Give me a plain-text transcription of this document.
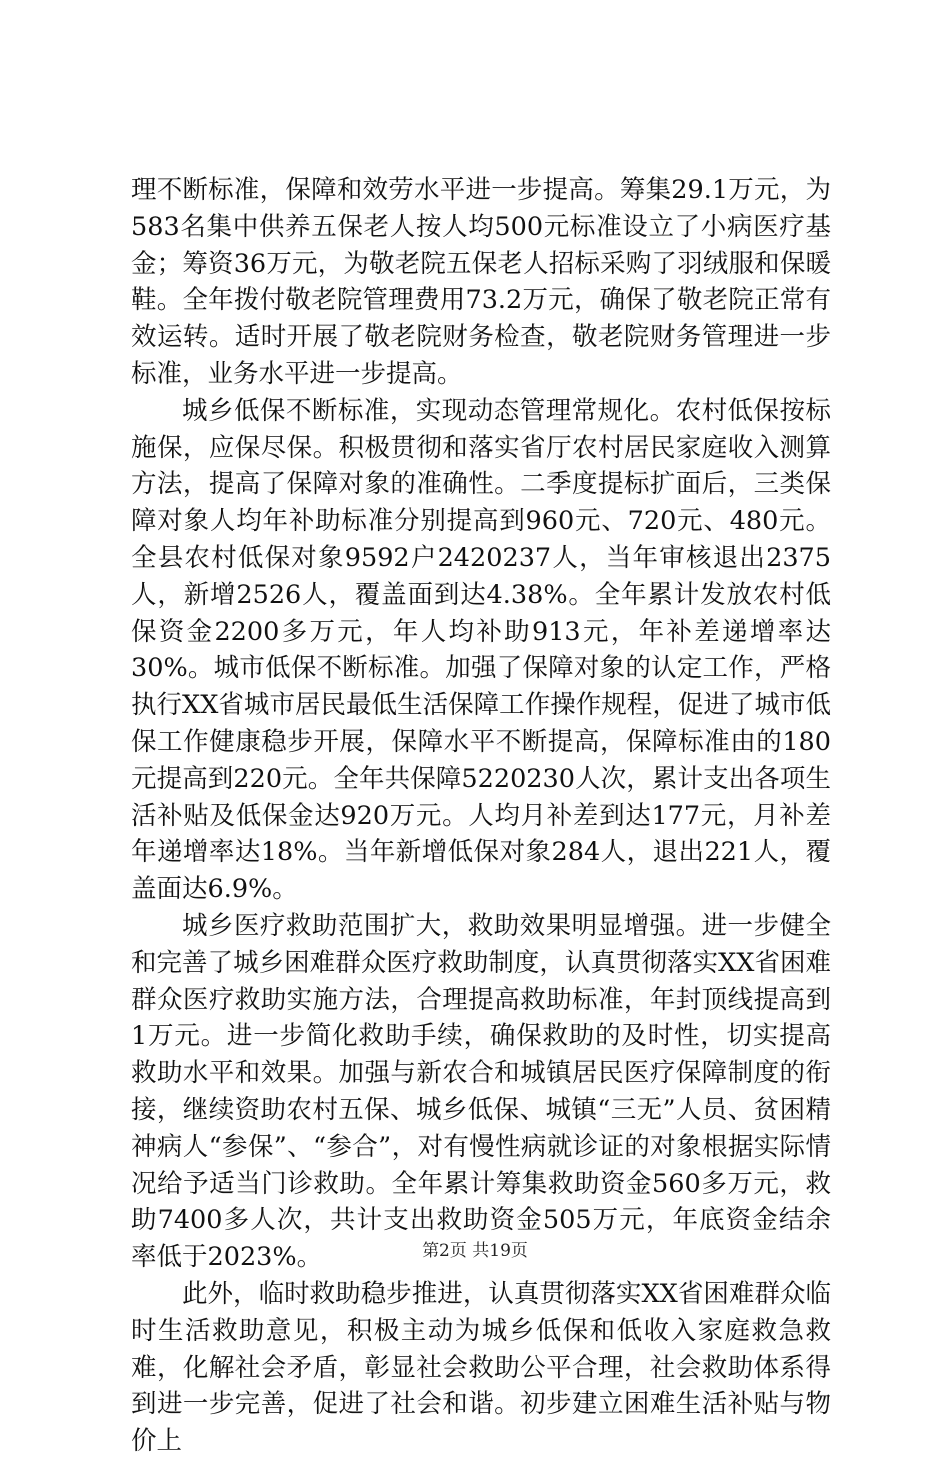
理不断标准，保障和效劳水平进一步提高。筹集29.1万元，为583名集中供养五保老人按人均500元标准设立了小病医疗基金；筹资36万元，为敬老院五保老人招标采购了羽绒服和保暖鞋。全年拨付敬老院管理费用73.2万元，确保了敬老院正常有效运转。适时开展了敬老院财务检查，敬老院财务管理进一步标准，业务水平进一步提高。

城乡低保不断标准，实现动态管理常规化。农村低保按标施保，应保尽保。积极贯彻和落实省厅农村居民家庭收入测算方法，提高了保障对象的准确性。二季度提标扩面后，三类保障对象人均年补助标准分别提高到960元、720元、480元。全县农村低保对象9592户2420237人，当年审核退出2375人，新增2526人，覆盖面到达4.38%。全年累计发放农村低保资金2200多万元，年人均补助913元，年补差递增率达30%。城市低保不断标准。加强了保障对象的认定工作，严格执行XX省城市居民最低生活保障工作操作规程，促进了城市低保工作健康稳步开展，保障水平不断提高，保障标准由的180元提高到220元。全年共保障5220230人次，累计支出各项生活补贴及低保金达920万元。人均月补差到达177元，月补差年递增率达18%。当年新增低保对象284人，退出221人，覆盖面达6.9%。

城乡医疗救助范围扩大，救助效果明显增强。进一步健全和完善了城乡困难群众医疗救助制度，认真贯彻落实XX省困难群众医疗救助实施方法，合理提高救助标准，年封顶线提高到1万元。进一步简化救助手续，确保救助的及时性，切实提高救助水平和效果。加强与新农合和城镇居民医疗保障制度的衔接，继续资助农村五保、城乡低保、城镇“三无”人员、贫困精神病人“参保”、“参合”，对有慢性病就诊证的对象根据实际情况给予适当门诊救助。全年累计筹集救助资金560多万元，救助7400多人次，共计支出救助资金505万元，年底资金结余率低于2023%。

此外，临时救助稳步推进，认真贯彻落实XX省困难群众临时生活救助意见，积极主动为城乡低保和低收入家庭救急救难，化解社会矛盾，彰显社会救助公平合理，社会救助体系得到进一步完善，促进了社会和谐。初步建立困难生活补贴与物价上

第2页 共19页
